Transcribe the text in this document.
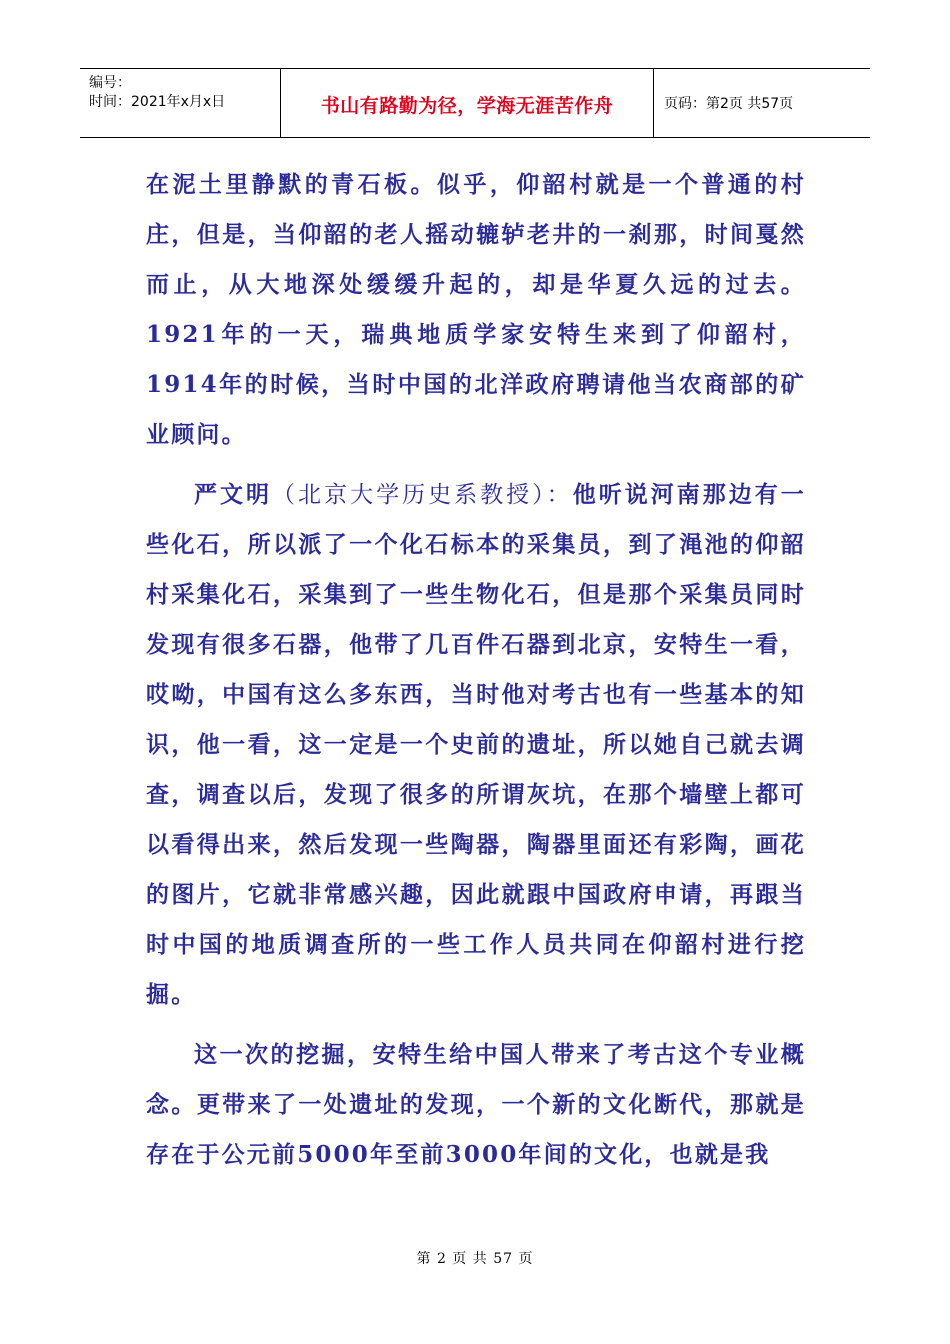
编号：
时间：2021年x月x日	书山有路勤为径，学海无涯苦作舟	页码：第2页 共57页

在泥土里静默的青石板。似乎，仰韶村就是一个普通的村庄，但是，当仰韶的老人摇动辘轳老井的一刹那，时间戛然而止，从大地深处缓缓升起的，却是华夏久远的过去。1921年的一天，瑞典地质学家安特生来到了仰韶村，1914年的时候，当时中国的北洋政府聘请他当农商部的矿业顾问。

严文明（北京大学历史系教授）：他听说河南那边有一些化石，所以派了一个化石标本的采集员，到了渑池的仰韶村采集化石，采集到了一些生物化石，但是那个采集员同时发现有很多石器，他带了几百件石器到北京，安特生一看，哎呦，中国有这么多东西，当时他对考古也有一些基本的知识，他一看，这一定是一个史前的遗址，所以她自己就去调查，调查以后，发现了很多的所谓灰坑，在那个墙壁上都可以看得出来，然后发现一些陶器，陶器里面还有彩陶，画花的图片，它就非常感兴趣，因此就跟中国政府申请，再跟当时中国的地质调查所的一些工作人员共同在仰韶村进行挖掘。

这一次的挖掘，安特生给中国人带来了考古这个专业概念。更带来了一处遗址的发现，一个新的文化断代，那就是存在于公元前5000年至前3000年间的文化，也就是我

第 2 页 共 57 页
